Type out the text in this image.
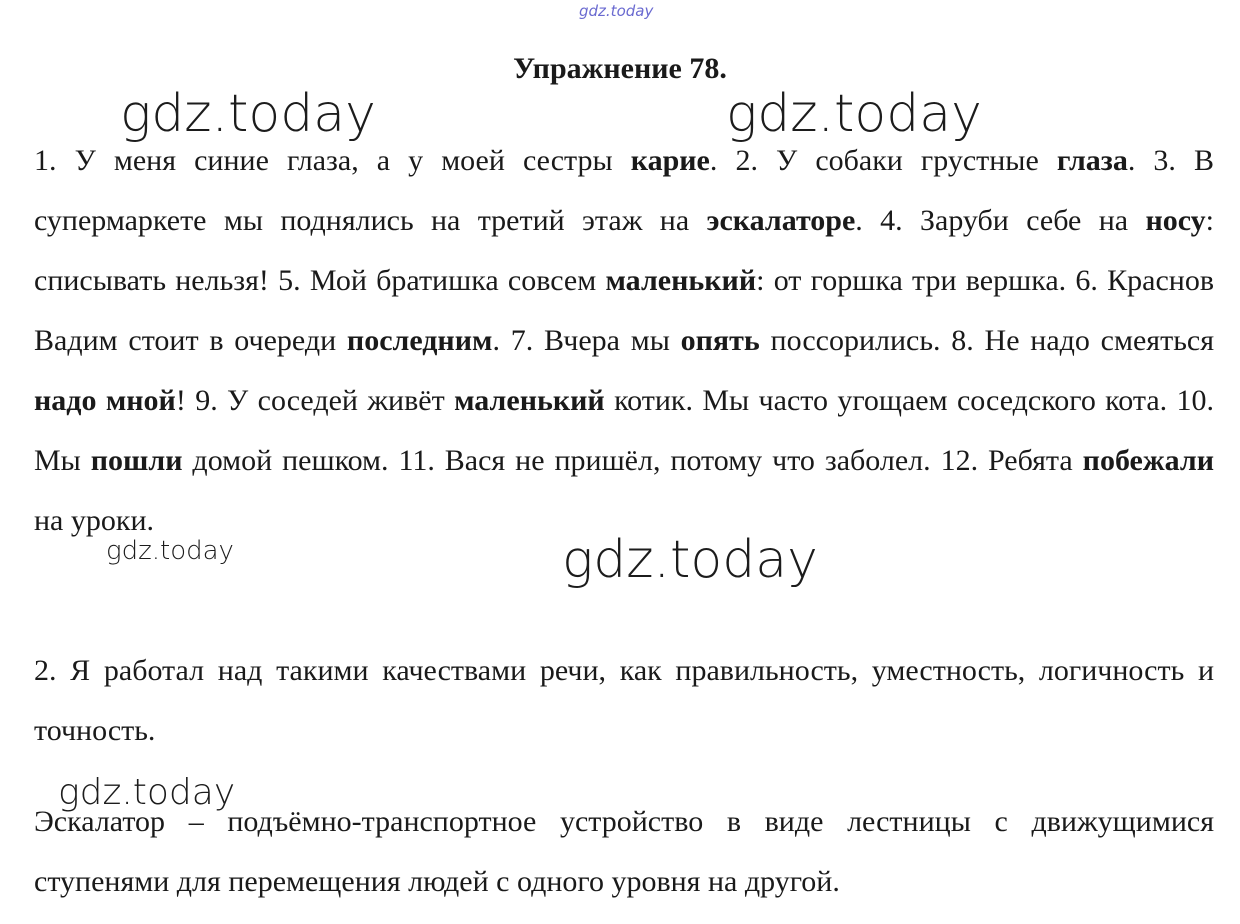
gdz.today
gdz.today	gdz.today
Упражнение 78.

1. У меня синие глаза, а у моей сестры карие. 2. У собаки грустные глаза. 3. В супермаркете мы поднялись на третий этаж на эскалаторе. 4. Заруби себе на носу: списывать нельзя! 5. Мой братишка совсем маленький: от горшка три вершка. 6. Краснов Вадим стоит в очереди последним. 7. Вчера мы опять поссорились. 8. Не надо смеяться надо мной! 9. У соседей живёт маленький котик. Мы часто угощаем соседского кота. 10. Мы пошли домой пешком. 11. Вася не пришёл, потому что заболел. 12. Ребята побежали на уроки.

gdz.today	gdz.today

2. Я работал над такими качествами речи, как правильность, уместность, логичность и точность.

gdz.today

Эскалатор – подъёмно-транспортное устройство в виде лестницы с движущимися ступенями для перемещения людей с одного уровня на другой.
